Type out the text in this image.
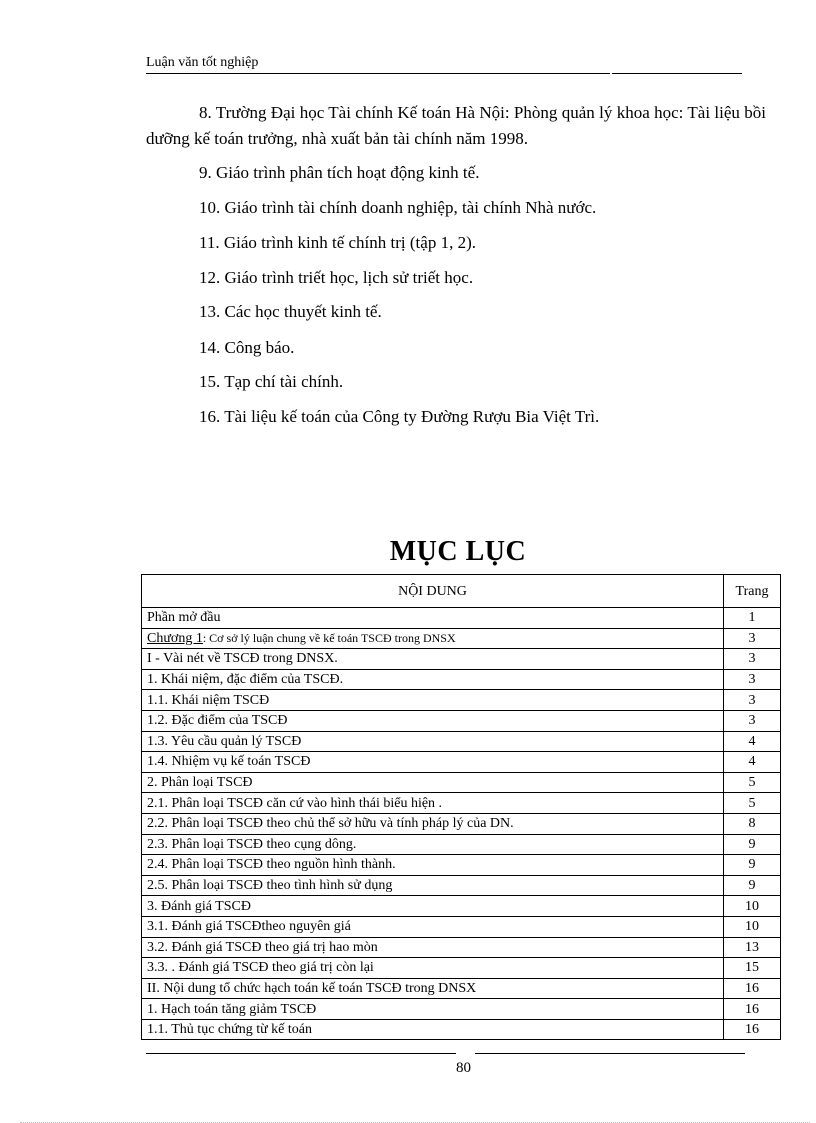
Luận văn tốt nghiệp
8. Trường Đại học Tài chính Kế toán Hà Nội: Phòng quản lý khoa học: Tài liệu bồi dưỡng kế toán trưởng, nhà xuất bản tài chính năm 1998.
9. Giáo trình phân tích hoạt động kinh tế.
10. Giáo trình tài chính doanh nghiệp, tài chính Nhà nước.
11. Giáo trình kinh tế chính trị (tập 1, 2).
12. Giáo trình triết học, lịch sử triết học.
13. Các học thuyết kinh tế.
14. Công báo.
15. Tạp chí tài chính.
16. Tài liệu kế toán của Công ty Đường Rượu Bia Việt Trì.
MỤC LỤC
NỘI DUNG	Trang
Phần mở đầu	1
Chương 1: Cơ sở lý luận chung về kế toán TSCĐ trong DNSX	3
I - Vài nét về TSCĐ trong DNSX.	3
1. Khái niệm, đặc điểm của TSCĐ.	3
1.1. Khái niệm TSCĐ	3
1.2. Đặc điểm của TSCĐ	3
1.3. Yêu cầu quản lý TSCĐ	4
1.4. Nhiệm vụ kế toán TSCĐ	4
2. Phân loại TSCĐ	5
2.1. Phân loại TSCĐ căn cứ vào hình thái biểu hiện .	5
2.2. Phân loại TSCĐ theo chủ thể sở hữu và tính pháp lý của DN.	8
2.3. Phân loại TSCĐ theo cụng dông.	9
2.4. Phân loại TSCĐ theo nguồn hình thành.	9
2.5. Phân loại TSCĐ theo tình hình sử dụng	9
3. Đánh giá TSCĐ	10
3.1. Đánh giá TSCĐtheo nguyên giá	10
3.2. Đánh giá TSCĐ theo giá trị hao mòn	13
3.3. . Đánh giá TSCĐ theo giá trị còn lại	15
II. Nội dung tổ chức hạch toán kế toán TSCĐ trong DNSX	16
1. Hạch toán tăng giảm TSCĐ	16
1.1. Thủ tục chứng từ kế toán	16
80
